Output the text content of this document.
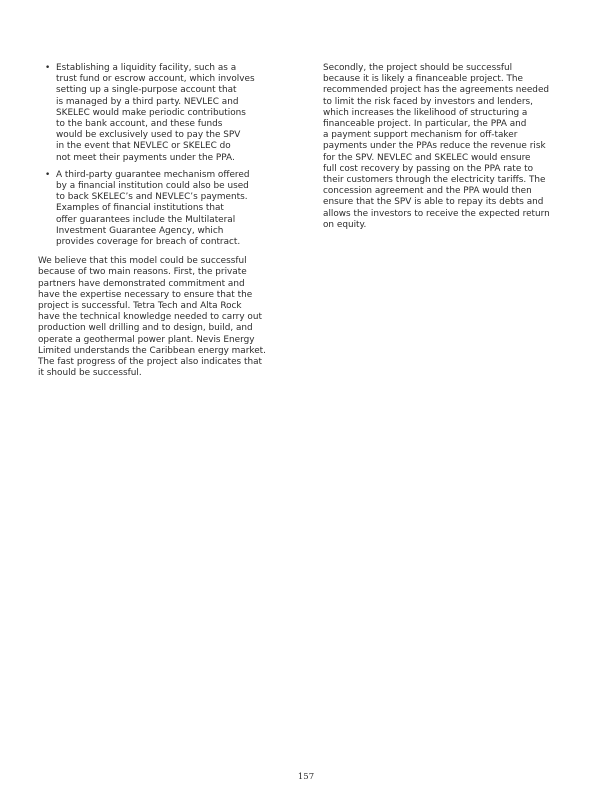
• Establishing a liquidity facility, such as a
trust fund or escrow account, which involves
setting up a single-purpose account that
is managed by a third party. NEVLEC and
SKELEC would make periodic contributions
to the bank account, and these funds
would be exclusively used to pay the SPV
in the event that NEVLEC or SKELEC do
not meet their payments under the PPA.
• A third-party guarantee mechanism offered
by a financial institution could also be used
to back SKELEC’s and NEVLEC’s payments.
Examples of financial institutions that
offer guarantees include the Multilateral
Investment Guarantee Agency, which
provides coverage for breach of contract.

We believe that this model could be successful
because of two main reasons. First, the private
partners have demonstrated commitment and
have the expertise necessary to ensure that the
project is successful. Tetra Tech and Alta Rock
have the technical knowledge needed to carry out
production well drilling and to design, build, and
operate a geothermal power plant. Nevis Energy
Limited understands the Caribbean energy market.
The fast progress of the project also indicates that
it should be successful.

Secondly, the project should be successful
because it is likely a financeable project. The
recommended project has the agreements needed
to limit the risk faced by investors and lenders,
which increases the likelihood of structuring a
financeable project. In particular, the PPA and
a payment support mechanism for off-taker
payments under the PPAs reduce the revenue risk
for the SPV. NEVLEC and SKELEC would ensure
full cost recovery by passing on the PPA rate to
their customers through the electricity tariffs. The
concession agreement and the PPA would then
ensure that the SPV is able to repay its debts and
allows the investors to receive the expected return
on equity.

157
